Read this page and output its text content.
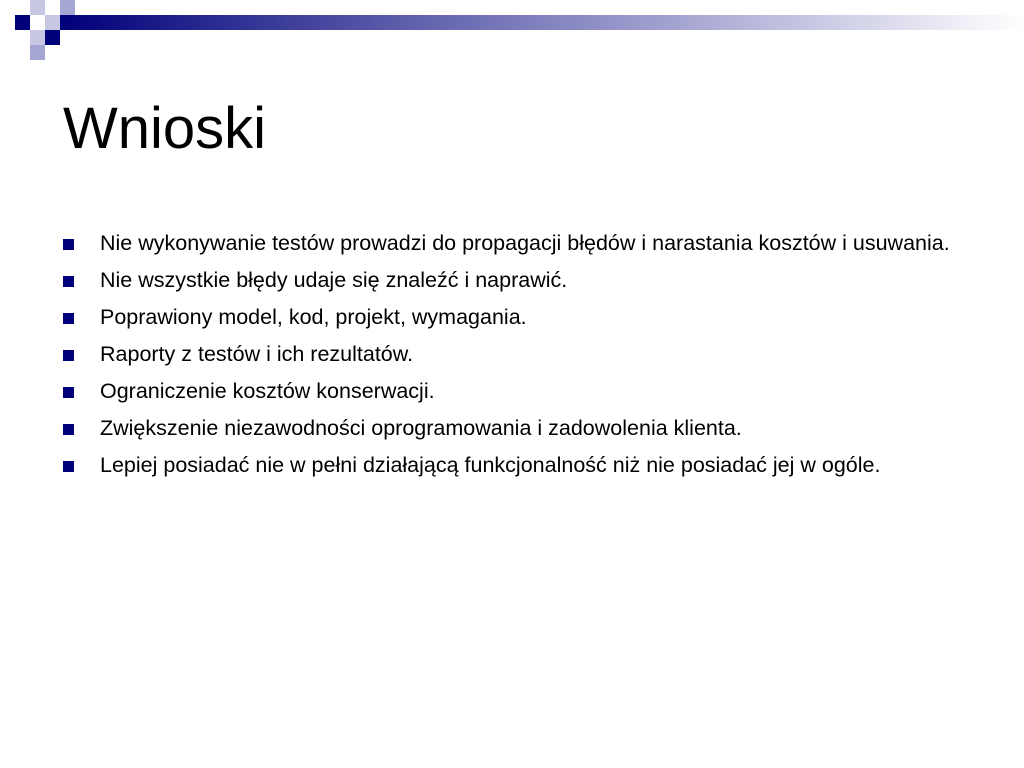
Wnioski
Nie wykonywanie testów prowadzi do propagacji błędów i narastania kosztów i usuwania.
Nie wszystkie błędy udaje się znaleźć i naprawić.
Poprawiony model, kod, projekt, wymagania.
Raporty z testów i ich rezultatów.
Ograniczenie kosztów konserwacji.
Zwiększenie niezawodności oprogramowania i zadowolenia klienta.
Lepiej posiadać nie w pełni działającą funkcjonalność niż nie posiadać jej w ogóle.
